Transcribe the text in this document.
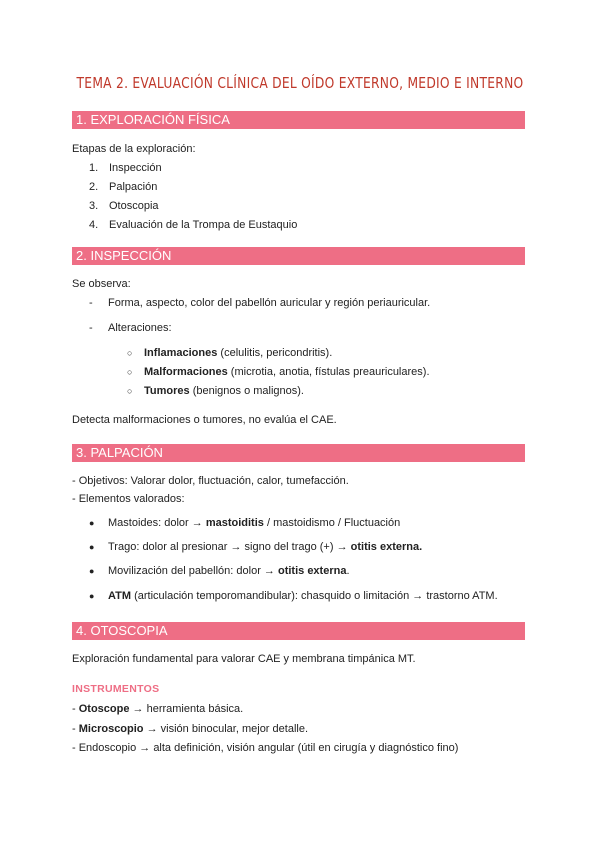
TEMA 2. EVALUACIÓN CLÍNICA DEL OÍDO EXTERNO, MEDIO E INTERNO
1. EXPLORACIÓN FÍSICA
Etapas de la exploración:
1. Inspección
2. Palpación
3. Otoscopia
4. Evaluación de la Trompa de Eustaquio
2. INSPECCIÓN
Se observa:
- Forma, aspecto, color del pabellón auricular y región periauricular.
- Alteraciones:
○ Inflamaciones (celulitis, pericondritis).
○ Malformaciones (microtia, anotia, fístulas preauriculares).
○ Tumores (benignos o malignos).
Detecta malformaciones o tumores, no evalúa el CAE.
3. PALPACIÓN
- Objetivos: Valorar dolor, fluctuación, calor, tumefacción.
- Elementos valorados:
● Mastoides: dolor → mastoiditis / mastoidismo / Fluctuación
● Trago: dolor al presionar → signo del trago (+) → otitis externa.
● Movilización del pabellón: dolor → otitis externa.
● ATM (articulación temporomandibular): chasquido o limitación → trastorno ATM.
4. OTOSCOPIA
Exploración fundamental para valorar CAE y membrana timpánica MT.
INSTRUMENTOS
- Otoscope → herramienta básica.
- Microscopio → visión binocular, mejor detalle.
- Endoscopio → alta definición, visión angular (útil en cirugía y diagnóstico fino)
